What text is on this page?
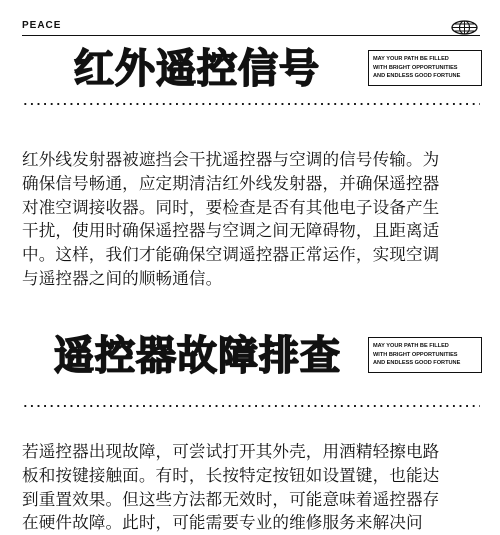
PEACE
红外遥控信号	MAY YOUR PATH BE FILLED
WITH BRIGHT OPPORTUNITIES
AND ENDLESS GOOD FORTUNE
红外线发射器被遮挡会干扰遥控器与空调的信号传输。为
确保信号畅通，应定期清洁红外线发射器，并确保遥控器
对准空调接收器。同时，要检查是否有其他电子设备产生
干扰，使用时确保遥控器与空调之间无障碍物，且距离适
中。这样，我们才能确保空调遥控器正常运作，实现空调
与遥控器之间的顺畅通信。
遥控器故障排查	MAY YOUR PATH BE FILLED
WITH BRIGHT OPPORTUNITIES
AND ENDLESS GOOD FORTUNE
若遥控器出现故障，可尝试打开其外壳，用酒精轻擦电路
板和按键接触面。有时，长按特定按钮如设置键，也能达
到重置效果。但这些方法都无效时，可能意味着遥控器存
在硬件故障。此时，可能需要专业的维修服务来解决问
